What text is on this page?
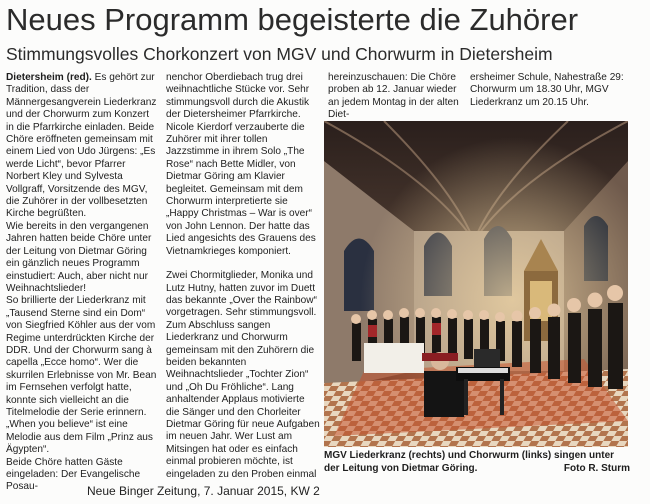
Neues Programm begeisterte die Zuhörer
Stimmungsvolles Chorkonzert von MGV und Chorwurm in Dietersheim

Dietersheim (red). Es gehört zur Tradition, dass der Männergesangverein Liederkranz und der Chorwurm zum Konzert in die Pfarrkirche einladen. Beide Chöre eröffneten gemeinsam mit einem Lied von Udo Jürgens: „Es werde Licht“, bevor Pfarrer Norbert Kley und Sylvesta Vollgraff, Vorsitzende des MGV, die Zuhörer in der vollbesetzten Kirche begrüßten.

Wie bereits in den vergangenen Jahren hatten beide Chöre unter der Leitung von Dietmar Göring ein gänzlich neues Programm einstudiert: Auch, aber nicht nur Weihnachtslieder!

So brillierte der Liederkranz mit „Tausend Sterne sind ein Dom“ von Siegfried Köhler aus der vom Regime unterdrückten Kirche der DDR. Und der Chorwurm sang à capella „Ecce homo“. Wer die skurrilen Erlebnisse von Mr. Bean im Fernsehen verfolgt hatte, konnte sich vielleicht an die Titelmelodie der Serie erinnern. „When you believe“ ist eine Melodie aus dem Film „Prinz aus Ägypten“.

Beide Chöre hatten Gäste eingeladen: Der Evangelische Posau-

nenchor Oberdiebach trug drei weihnachtliche Stücke vor. Sehr stimmungsvoll durch die Akustik der Dietersheimer Pfarrkirche. Nicole Kierdorf verzauberte die Zuhörer mit ihrer tollen Jazzstimme in ihrem Solo „The Rose“ nach Bette Midler, von Dietmar Göring am Klavier begleitet. Gemeinsam mit dem Chorwurm interpretierte sie „Happy Christmas – War is over“ von John Lennon. Der hatte das Lied angesichts des Grauens des Vietnamkrieges komponiert.

Zwei Chormitglieder, Monika und Lutz Hutny, hatten zuvor im Duett das bekannte „Over the Rainbow“ vorgetragen. Sehr stimmungsvoll. Zum Abschluss sangen Liederkranz und Chorwurm gemeinsam mit den Zuhörern die beiden bekannten Weihnachtslieder „Tochter Zion“ und „Oh Du Fröhliche“. Lang anhaltender Applaus motivierte die Sänger und den Chorleiter Dietmar Göring für neue Aufgaben im neuen Jahr. Wer Lust am Mitsingen hat oder es einfach einmal probieren möchte, ist eingeladen zu den Proben einmal

hereinzuschauen: Die Chöre proben ab 12. Januar wieder an jedem Montag in der alten Diet-

ersheimer Schule, Nahestraße 29: Chorwurm um 18.30 Uhr, MGV Liederkranz um 20.15 Uhr.

MGV Liederkranz (rechts) und Chorwurm (links) singen unter der Leitung von Dietmar Göring.	Foto R. Sturm
Neue Binger Zeitung, 7. Januar 2015, KW 2
